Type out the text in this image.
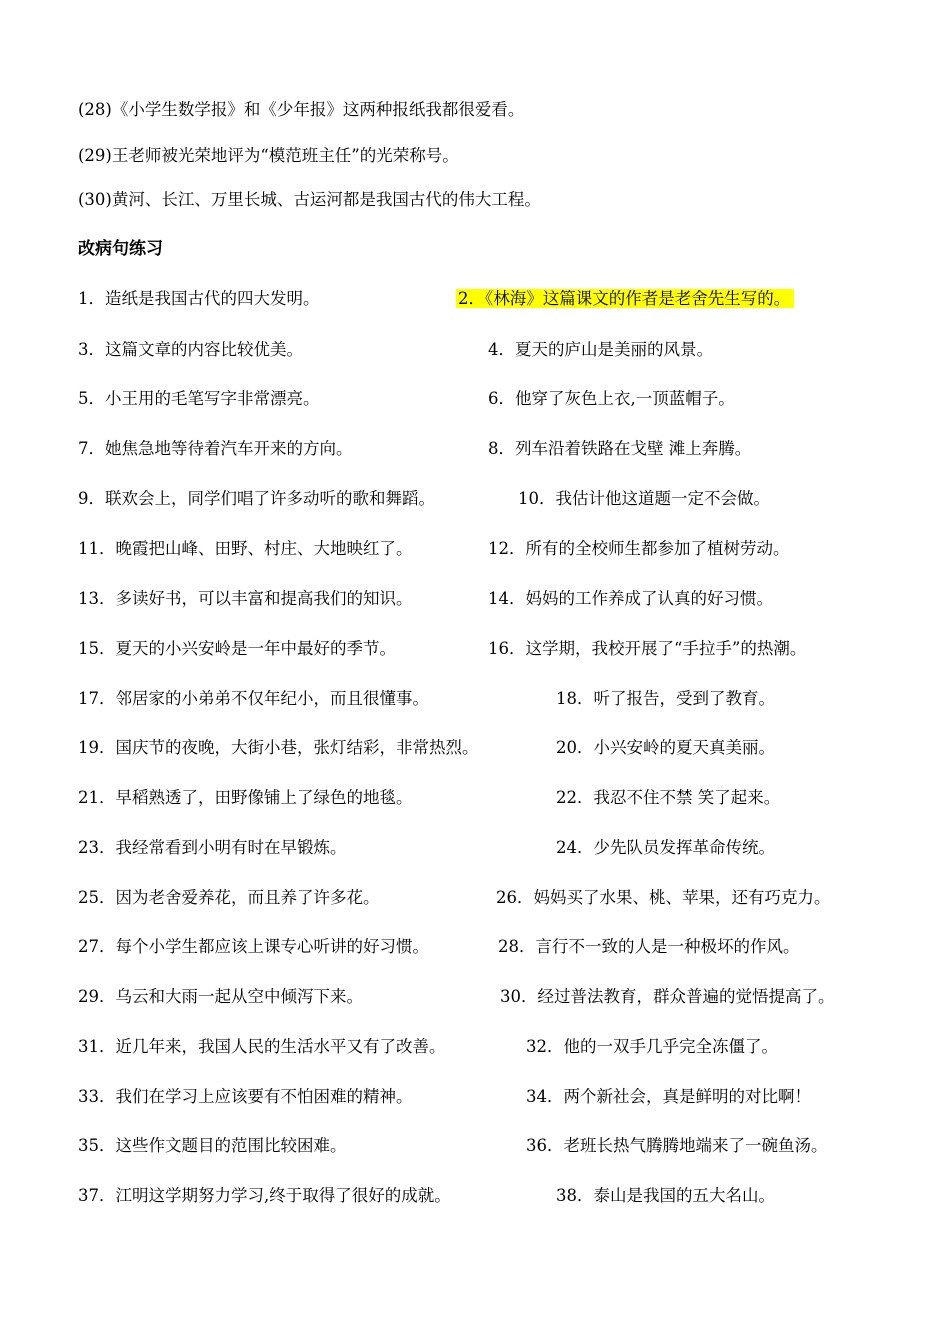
(28)《小学生数学报》和《少年报》这两种报纸我都很爱看。
(29)王老师被光荣地评为“模范班主任”的光荣称号。
(30)黄河、长江、万里长城、古运河都是我国古代的伟大工程。
改病句练习
1．造纸是我国古代的四大发明。	2．《林海》这篇课文的作者是老舍先生写的。
3．这篇文章的内容比较优美。	4．夏天的庐山是美丽的风景。
5．小王用的毛笔写字非常漂亮。	6．他穿了灰色上衣,一顶蓝帽子。
7．她焦急地等待着汽车开来的方向。	8．列车沿着铁路在戈壁 滩上奔腾。
9．联欢会上，同学们唱了许多动听的歌和舞蹈。	10．我估计他这道题一定不会做。
11．晚霞把山峰、田野、村庄、大地映红了。	12．所有的全校师生都参加了植树劳动。
13．多读好书，可以丰富和提高我们的知识。	14．妈妈的工作养成了认真的好习惯。
15．夏天的小兴安岭是一年中最好的季节。	16．这学期，我校开展了“手拉手”的热潮。
17．邻居家的小弟弟不仅年纪小，而且很懂事。	18．听了报告，受到了教育。
19．国庆节的夜晚，大街小巷，张灯结彩，非常热烈。	20．小兴安岭的夏天真美丽。
21．早稻熟透了，田野像铺上了绿色的地毯。	22．我忍不住不禁 笑了起来。
23．我经常看到小明有时在早锻炼。	24．少先队员发挥革命传统。
25．因为老舍爱养花，而且养了许多花。	26．妈妈买了水果、桃、苹果，还有巧克力。
27．每个小学生都应该上课专心听讲的好习惯。	28．言行不一致的人是一种极坏的作风。
29．乌云和大雨一起从空中倾泻下来。	30．经过普法教育，群众普遍的觉悟提高了。
31．近几年来，我国人民的生活水平又有了改善。	32．他的一双手几乎完全冻僵了。
33．我们在学习上应该要有不怕困难的精神。	34．两个新社会，真是鲜明的对比啊！
35．这些作文题目的范围比较困难。	36．老班长热气腾腾地端来了一碗鱼汤。
37．江明这学期努力学习,终于取得了很好的成就。	38．泰山是我国的五大名山。
